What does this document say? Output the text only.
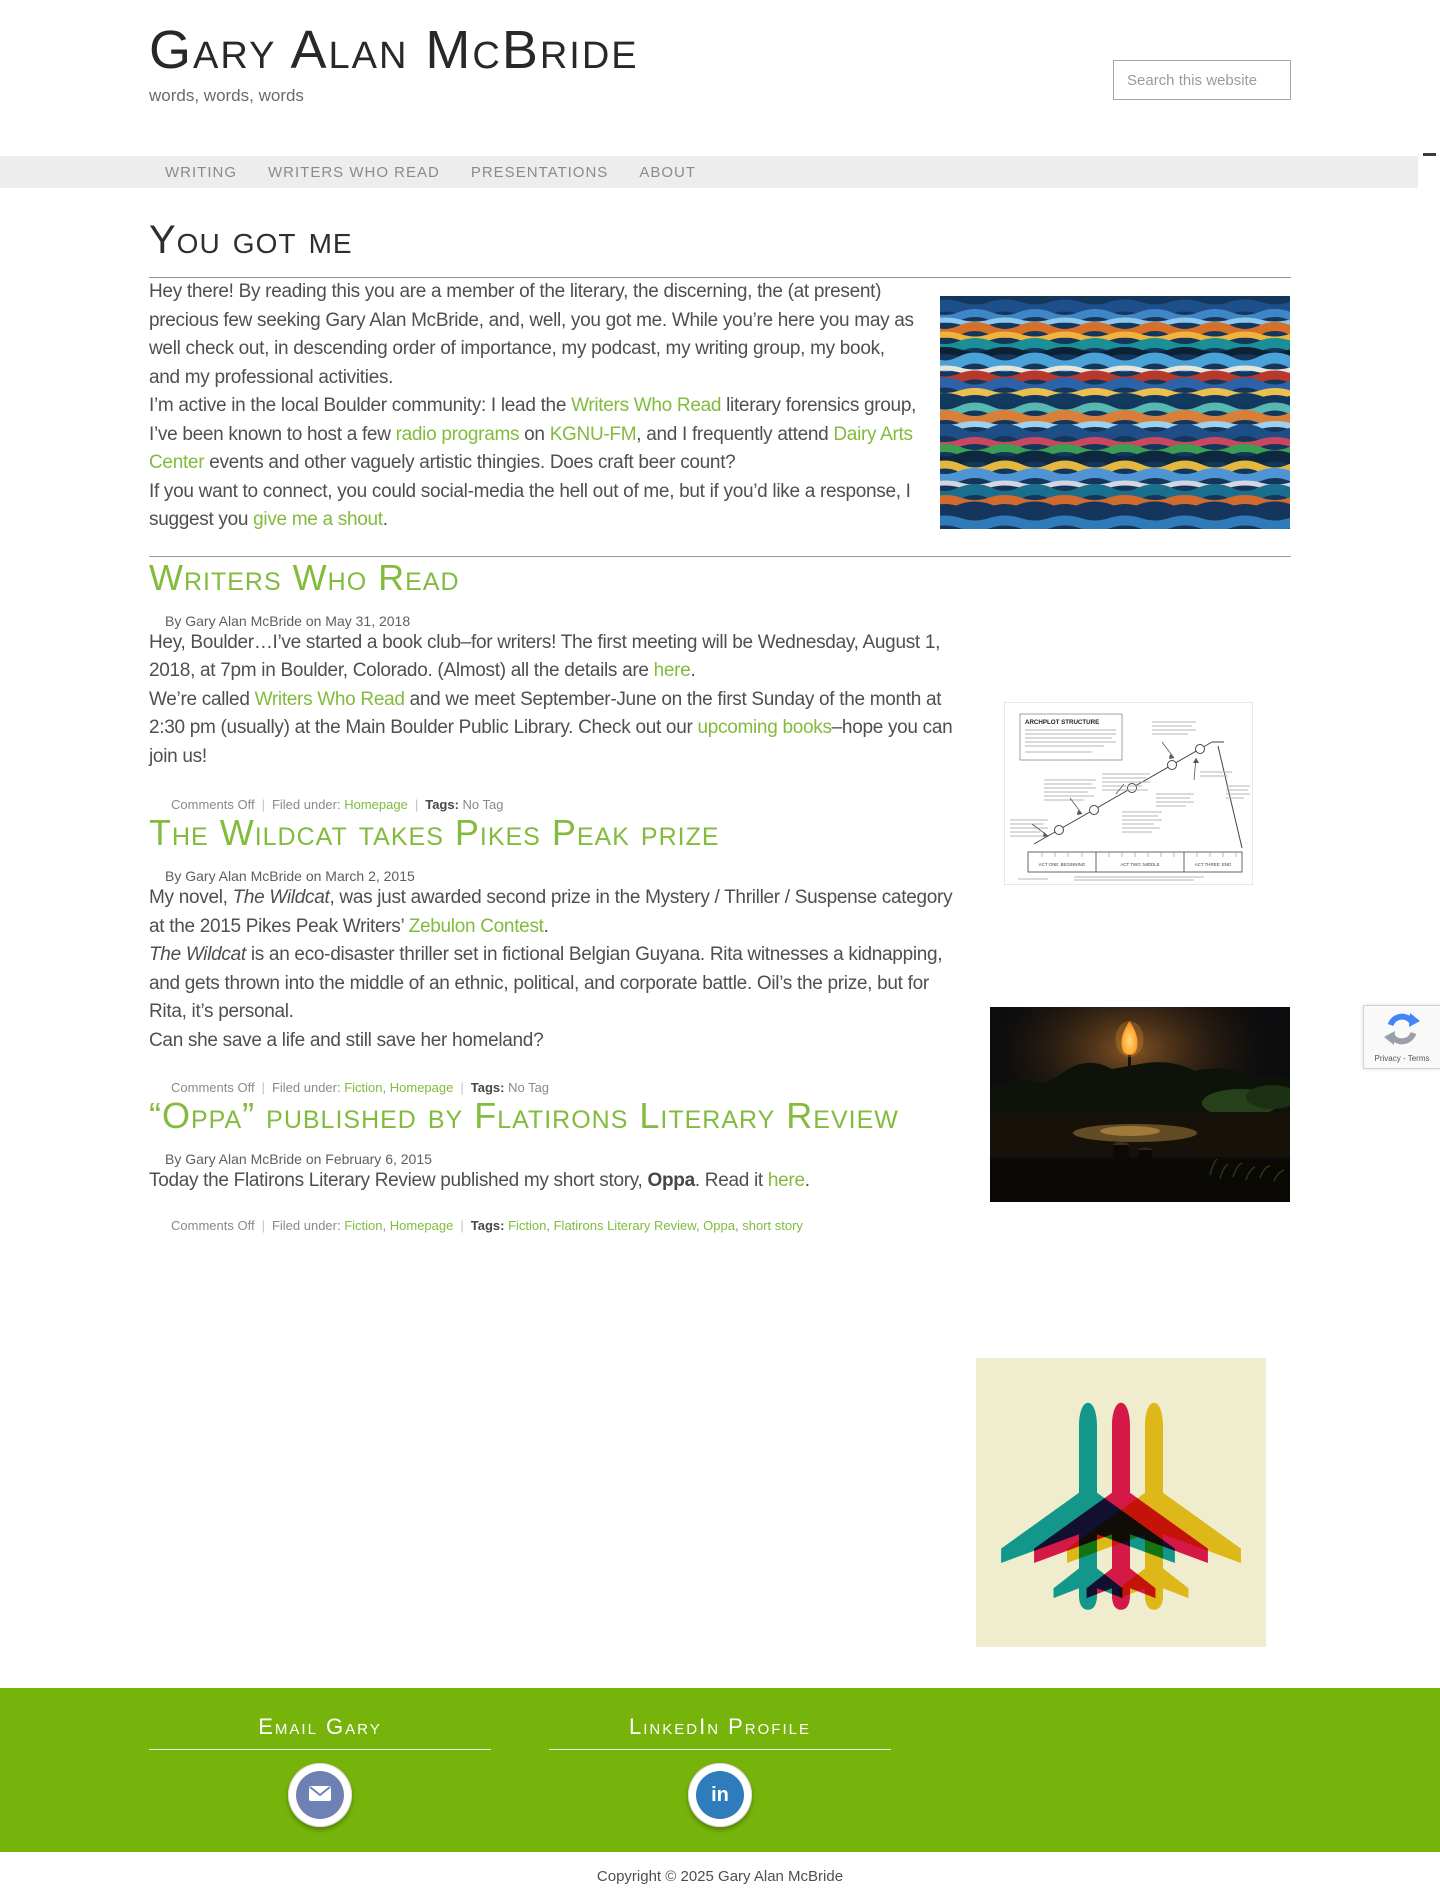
Gary Alan McBride
words, words, words
Search this website
WRITING WRITERS WHO READ PRESENTATIONS ABOUT
You got me

Hey there! By reading this you are a member of the literary, the discerning, the (at present) precious few seeking Gary Alan McBride, and, well, you got me. While you’re here you may as well check out, in descending order of importance, my podcast, my writing group, my book, and my professional activities.

I’m active in the local Boulder community: I lead the Writers Who Read literary forensics group, I’ve been known to host a few radio programs on KGNU-FM, and I frequently attend Dairy Arts Center events and other vaguely artistic thingies. Does craft beer count?

If you want to connect, you could social-media the hell out of me, but if you’d like a response, I suggest you give me a shout.

Writers Who Read
By Gary Alan McBride on May 31, 2018

Hey, Boulder…I’ve started a book club–for writers! The first meeting will be Wednesday, August 1, 2018, at 7pm in Boulder, Colorado. (Almost) all the details are here.

We’re called Writers Who Read and we meet September-June on the first Sunday of the month at 2:30 pm (usually) at the Main Boulder Public Library. Check out our upcoming books–hope you can join us!

Comments Off | Filed under: Homepage | Tags: No Tag
The Wildcat takes Pikes Peak prize
By Gary Alan McBride on March 2, 2015

My novel, The Wildcat, was just awarded second prize in the Mystery / Thriller / Suspense category at the 2015 Pikes Peak Writers’ Zebulon Contest.

The Wildcat is an eco-disaster thriller set in fictional Belgian Guyana. Rita witnesses a kidnapping, and gets thrown into the middle of an ethnic, political, and corporate battle. Oil’s the prize, but for Rita, it’s personal.

Can she save a life and still save her homeland?

Comments Off | Filed under: Fiction, Homepage | Tags: No Tag
“Oppa” published by Flatirons Literary Review
By Gary Alan McBride on February 6, 2015

Today the Flatirons Literary Review published my short story, Oppa. Read it here.

Comments Off | Filed under: Fiction, Homepage | Tags: Fiction, Flatirons Literary Review, Oppa, short story
ARCHPLOT STRUCTURE
ACT ONE: BEGINNING	ACT TWO: MIDDLE	ACT THREE: END
Email Gary	LinkedIn Profile
in
Copyright © 2025 Gary Alan McBride
Privacy - Terms
